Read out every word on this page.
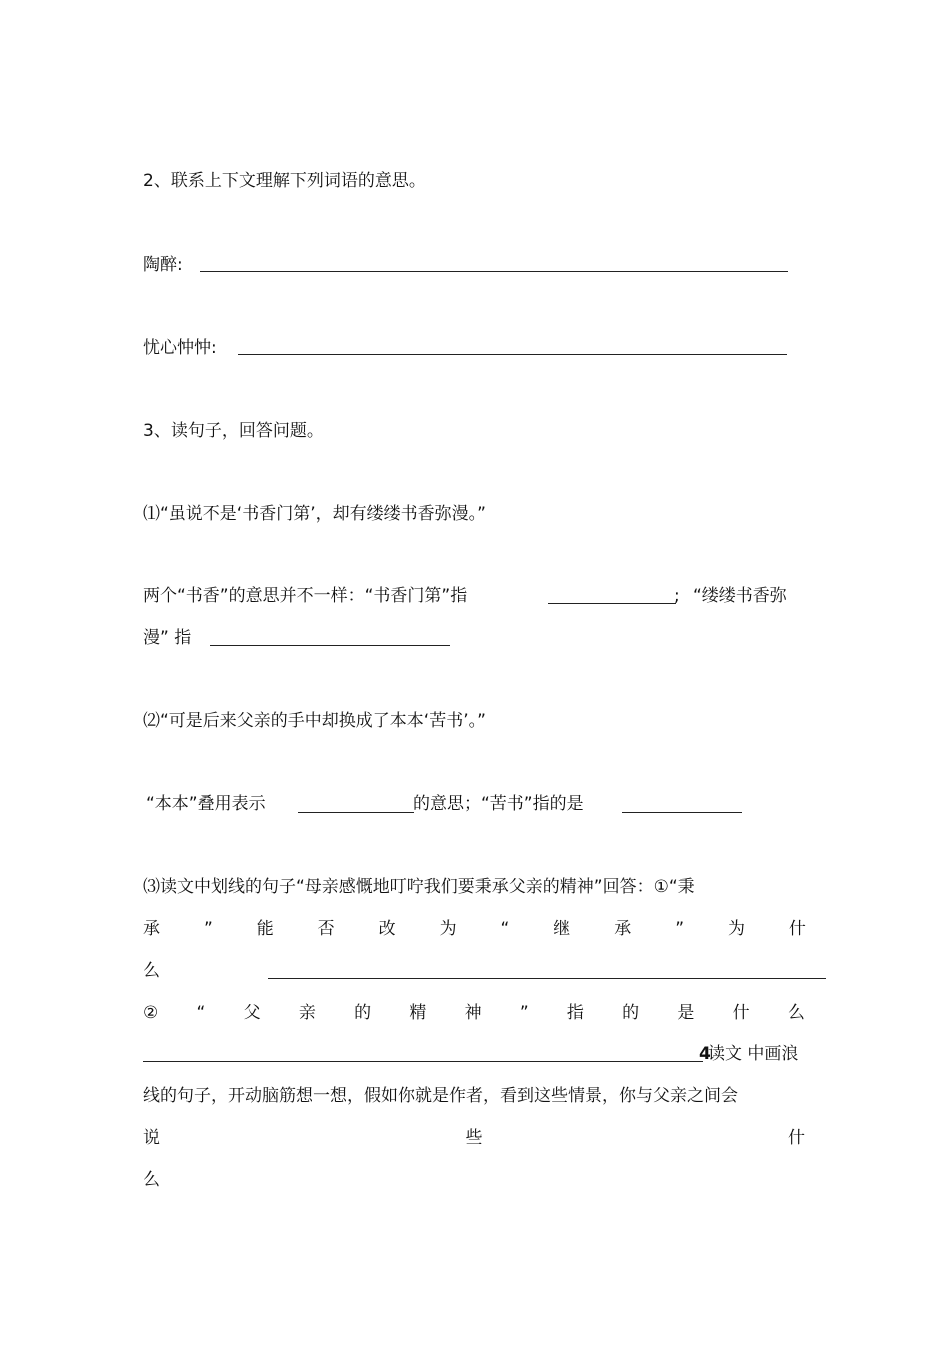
2、联系上下文理解下列词语的意思。
陶醉:
忧心忡忡:
3、读句子，回答问题。
⑴“虽说不是‘书香门第’，却有缕缕书香弥漫。”
两个“书香”的意思并不一样：“书香门第”指	; “缕缕书香弥
漫” 指
⑵“可是后来父亲的手中却换成了本本‘苦书’。”
“本本”叠用表示	的意思；“苦书”指的是
⑶读文中划线的句子“母亲感慨地叮咛我们要秉承父亲的精神”回答：①“秉
承	”	能	否	改	为	“	继	承	”	为	什
么
② “ 父 亲 的 精 神 ” 指 的 是 什 么
4
读文 中画浪
线的句子，开动脑筋想一想，假如你就是作者，看到这些情景，你与父亲之间会
说	些	什
么
